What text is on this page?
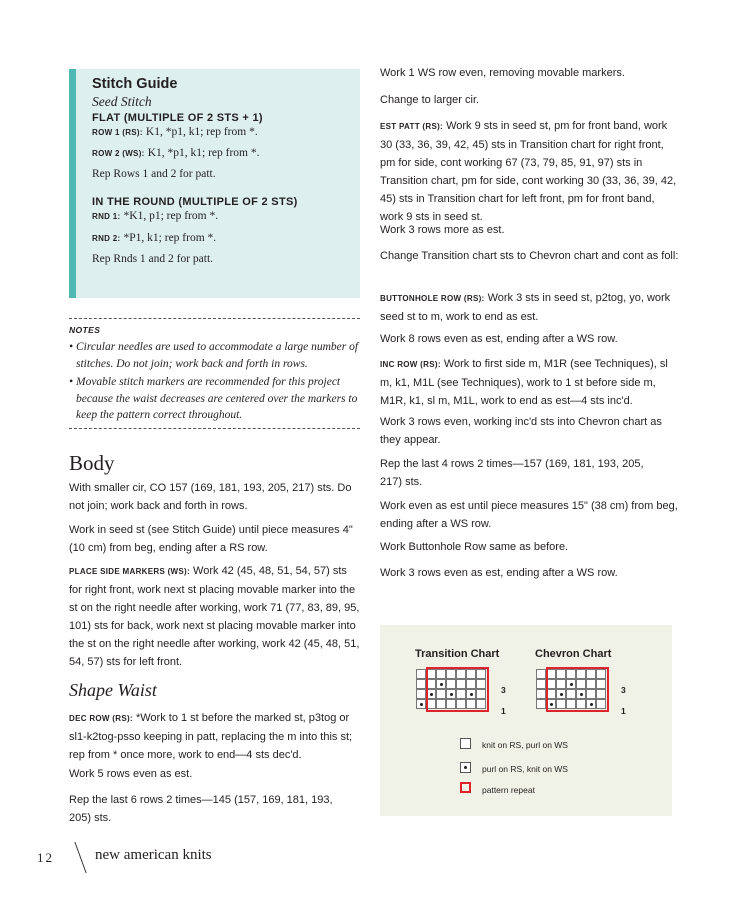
Stitch Guide
Seed Stitch
FLAT (MULTIPLE OF 2 STS + 1)
ROW 1 (RS): K1, *p1, k1; rep from *.
ROW 2 (WS): K1, *p1, k1; rep from *.
Rep Rows 1 and 2 for patt.
IN THE ROUND (MULTIPLE OF 2 STS)
RND 1: *K1, p1; rep from *.
RND 2: *P1, k1; rep from *.
Rep Rnds 1 and 2 for patt.
NOTES
• Circular needles are used to accommodate a large number of stitches. Do not join; work back and forth in rows.
• Movable stitch markers are recommended for this project because the waist decreases are centered over the markers to keep the pattern correct throughout.
Body
With smaller cir, CO 157 (169, 181, 193, 205, 217) sts. Do not join; work back and forth in rows.
Work in seed st (see Stitch Guide) until piece measures 4" (10 cm) from beg, ending after a RS row.
PLACE SIDE MARKERS (WS): Work 42 (45, 48, 51, 54, 57) sts for right front, work next st placing movable marker into the st on the right needle after working, work 71 (77, 83, 89, 95, 101) sts for back, work next st placing movable marker into the st on the right needle after working, work 42 (45, 48, 51, 54, 57) sts for left front.
Shape Waist
DEC ROW (RS): *Work to 1 st before the marked st, p3tog or sl1-k2tog-psso keeping in patt, replacing the m into this st; rep from * once more, work to end—4 sts dec'd.
Work 5 rows even as est.
Rep the last 6 rows 2 times—145 (157, 169, 181, 193, 205) sts.
Work 1 WS row even, removing movable markers.
Change to larger cir.
EST PATT (RS): Work 9 sts in seed st, pm for front band, work 30 (33, 36, 39, 42, 45) sts in Transition chart for right front, pm for side, cont working 67 (73, 79, 85, 91, 97) sts in Transition chart, pm for side, cont working 30 (33, 36, 39, 42, 45) sts in Transition chart for left front, pm for front band, work 9 sts in seed st.
Work 3 rows more as est.
Change Transition chart sts to Chevron chart and cont as foll:
BUTTONHOLE ROW (RS): Work 3 sts in seed st, p2tog, yo, work seed st to m, work to end as est.
Work 8 rows even as est, ending after a WS row.
INC ROW (RS): Work to first side m, M1R (see Techniques), sl m, k1, M1L (see Techniques), work to 1 st before side m, M1R, k1, sl m, M1L, work to end as est—4 sts inc'd.
Work 3 rows even, working inc'd sts into Chevron chart as they appear.
Rep the last 4 rows 2 times—157 (169, 181, 193, 205, 217) sts.
Work even as est until piece measures 15" (38 cm) from beg, ending after a WS row.
Work Buttonhole Row same as before.
Work 3 rows even as est, ending after a WS row.
Transition Chart	Chevron Chart
3
1
3
1
knit on RS, purl on WS
purl on RS, knit on WS
pattern repeat
12	new american knits
